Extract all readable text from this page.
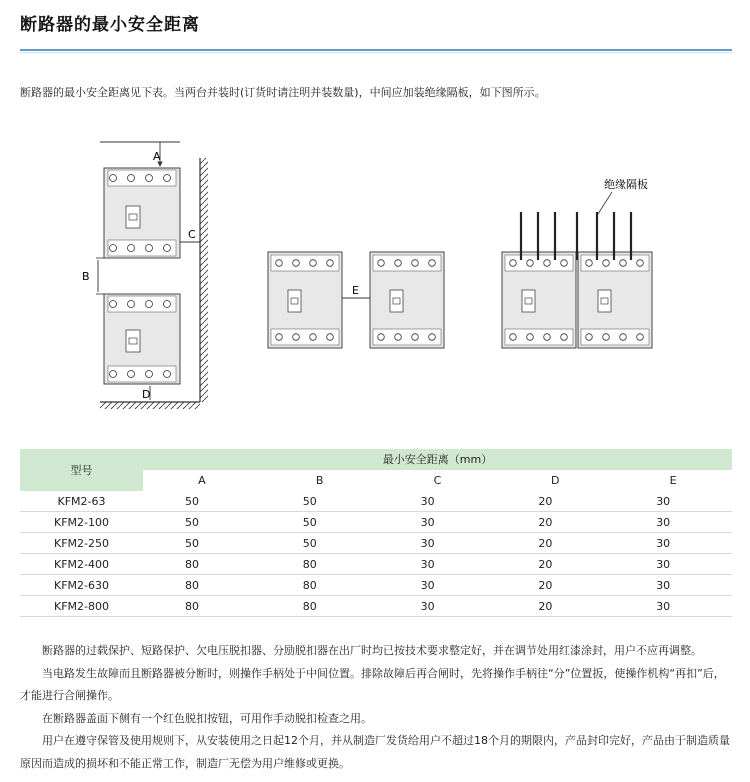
断路器的最小安全距离
断路器的最小安全距离见下表。当两台并装时(订货时请注明并装数量)，中间应加装绝缘隔板，如下图所示。
A
C
B
D
E
绝缘隔板
型号	最小安全距离（mm）				
	A	B	C	D	E
KFM2-63	50	50	30	20	30
KFM2-100	50	50	30	20	30
KFM2-250	50	50	30	20	30
KFM2-400	80	80	30	20	30
KFM2-630	80	80	30	20	30
KFM2-800	80	80	30	20	30

断路器的过载保护、短路保护、欠电压脱扣器、分励脱扣器在出厂时均已按技术要求整定好，并在调节处用红漆涂封，用户不应再调整。

当电路发生故障而且断路器被分断时，则操作手柄处于中间位置。排除故障后再合闸时，先将操作手柄往“分”位置扳，使操作机构“再扣”后，才能进行合闸操作。

在断路器盖面下侧有一个红色脱扣按钮，可用作手动脱扣检查之用。

用户在遵守保管及使用规则下，从安装使用之日起12个月，并从制造厂发货给用户不超过18个月的期限内，产品封印完好，产品由于制造质量原因而造成的损坏和不能正常工作，制造厂无偿为用户维修或更换。
